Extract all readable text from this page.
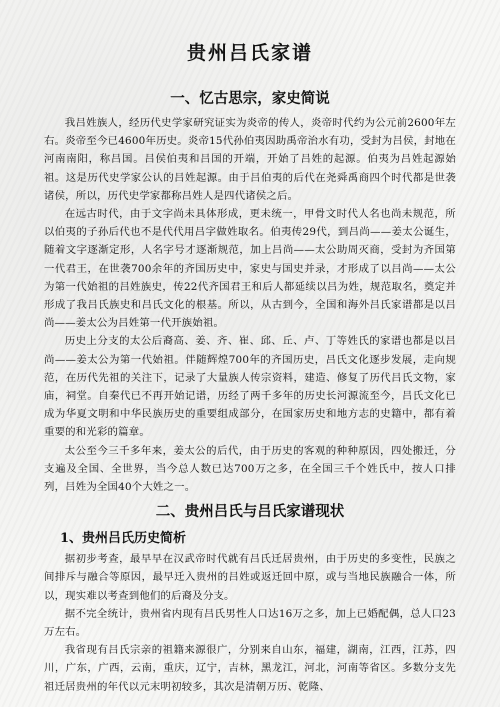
贵州吕氏家谱
一、忆古思宗，家史简说

我吕姓族人，经历代史学家研究证实为炎帝的传人，炎帝时代约为公元前2600年左右。炎帝至今已4600年历史。炎帝15代孙伯夷因助禹帝治水有功，受封为吕侯，封地在河南南阳，称吕国。吕侯伯夷和吕国的开端，开始了吕姓的起源。伯夷为吕姓起源始祖。这是历代史学家公认的吕姓起源。由于吕伯夷的后代在尧舜禹商四个时代都是世袭诸侯，所以，历代史学家都称吕姓人是四代诸侯之后。

在远古时代，由于文字尚未具体形成，更未统一，甲骨文时代人名也尚未规范，所以伯夷的子孙后代也不是代代用吕字做姓取名。伯夷传29代，到吕尚——姜太公诞生，随着文字逐渐定形，人名字号才逐渐规范，加上吕尚——太公助周灭商，受封为齐国第一代君王，在世袭700余年的齐国历史中，家史与国史并录，才形成了以吕尚——太公为第一代始祖的吕姓族史，传22代齐国君王和后人都延续以吕为姓，规范取名，奠定并形成了我吕氏族史和吕氏文化的根基。所以，从古到今，全国和海外吕氏家谱都是以吕尚——姜太公为吕姓第一代开族始祖。

历史上分支的太公后裔高、姜、齐、崔、邱、丘、卢、丁等姓氏的家谱也都是以吕尚——姜太公为第一代始祖。伴随辉煌700年的齐国历史，吕氏文化逐步发展，走向规范，在历代先祖的关注下，记录了大量族人传宗资料，建造、修复了历代吕氏文物，家庙，祠堂。自秦代已不再开始记谱，历经了两千多年的历史长河源流至今，吕氏文化已成为华夏文明和中华民族历史的重要组成部分，在国家历史和地方志的史籍中，都有着重要的和光彩的篇章。

太公至今三千多年来，姜太公的后代，由于历史的客观的种种原因，四处搬迁，分支遍及全国、全世界，当今总人数已达700万之多，在全国三千个姓氏中，按人口排列，吕姓为全国40个大姓之一。

二、贵州吕氏与吕氏家谱现状
1、贵州吕氏历史简析

据初步考查，最早早在汉武帝时代就有吕氏迁居贵州，由于历史的多变性，民族之间排斥与融合等原因，最早迁入贵州的吕姓或返迁回中原，或与当地民族融合一体，所以，现实难以考查到他们的后裔及分支。

据不完全统计，贵州省内现有吕氏男性人口达16万之多，加上已婚配偶，总人口23万左右。

我省现有吕氏宗亲的祖籍来源很广，分别来自山东，福建，湖南，江西，江苏，四川，广东，广西，云南，重庆，辽宁，吉林，黑龙江，河北，河南等省区。多数分支先祖迁居贵州的年代以元末明初较多，其次是清朝万历、乾隆、
